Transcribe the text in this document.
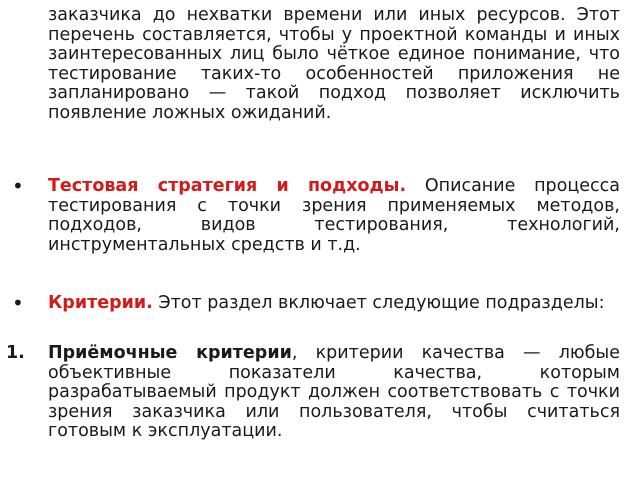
заказчика до нехватки времени или иных ресурсов. Этот перечень составляется, чтобы у проектной команды и иных заинтересованных лиц было чёткое единое понимание, что тестирование таких-то особенностей приложения не запланировано — такой подход позволяет исключить появление ложных ожиданий.
• Тестовая стратегия и подходы. Описание процесса тестирования с точки зрения применяемых методов, подходов, видов тестирования, технологий, инструментальных средств и т.д.
• Критерии. Этот раздел включает следующие подразделы:
1. Приёмочные критерии, критерии качества — любые объективные показатели качества, которым разрабатываемый продукт должен соответствовать с точки зрения заказчика или пользователя, чтобы считаться готовым к эксплуатации.
